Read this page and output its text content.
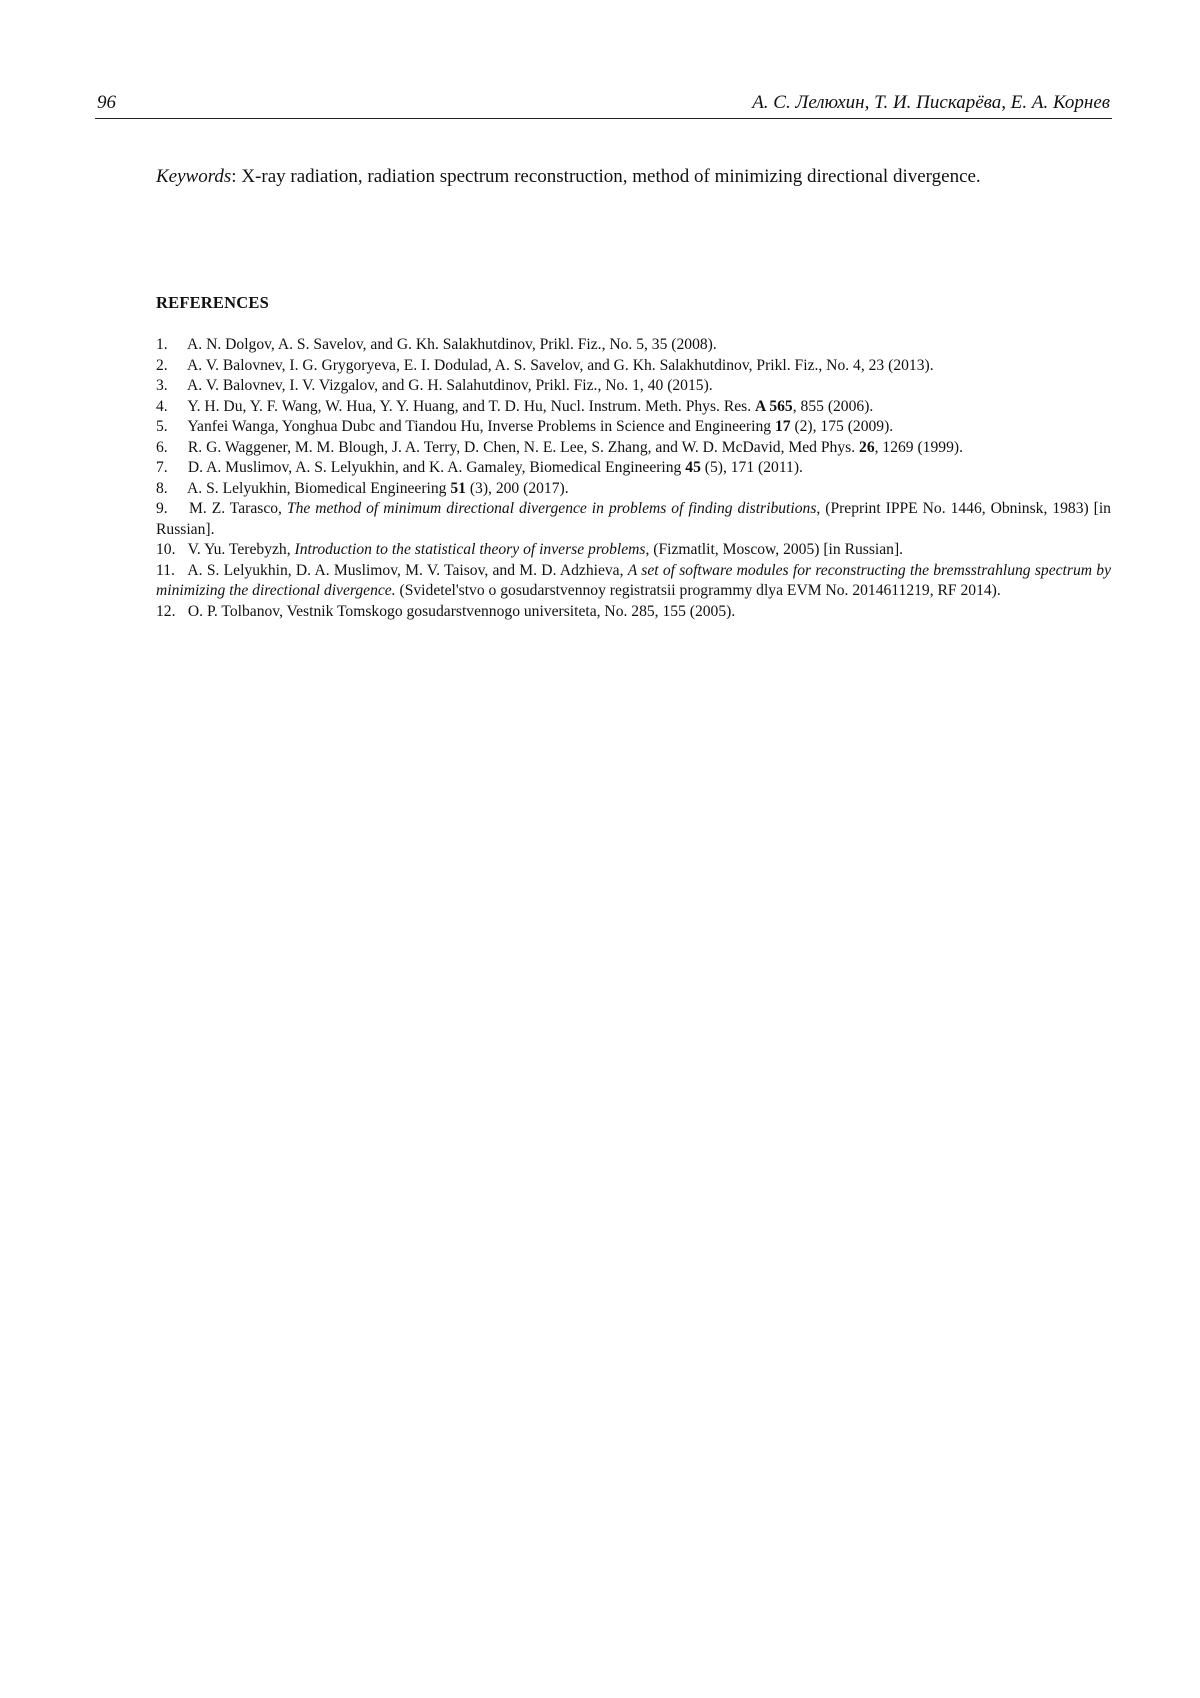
96	А. С. Лелюхин, Т. И. Пискарёва, Е. А. Корнев
Keywords: X-ray radiation, radiation spectrum reconstruction, method of minimizing directional divergence.
REFERENCES
1. A. N. Dolgov, A. S. Savelov, and G. Kh. Salakhutdinov, Prikl. Fiz., No. 5, 35 (2008).
2. A. V. Balovnev, I. G. Grygoryeva, E. I. Dodulad, A. S. Savelov, and G. Kh. Salakhutdinov, Prikl. Fiz., No. 4, 23 (2013).
3. A. V. Balovnev, I. V. Vizgalov, and G. H. Salahutdinov, Prikl. Fiz., No. 1, 40 (2015).
4. Y. H. Du, Y. F. Wang, W. Hua, Y. Y. Huang, and T. D. Hu, Nucl. Instrum. Meth. Phys. Res. A 565, 855 (2006).
5. Yanfei Wanga, Yonghua Dubc and Tiandou Hu, Inverse Problems in Science and Engineering 17 (2), 175 (2009).
6. R. G. Waggener, M. M. Blough, J. A. Terry, D. Chen, N. E. Lee, S. Zhang, and W. D. McDavid, Med Phys. 26, 1269 (1999).
7. D. A. Muslimov, A. S. Lelyukhin, and K. A. Gamaley, Biomedical Engineering 45 (5), 171 (2011).
8. A. S. Lelyukhin, Biomedical Engineering 51 (3), 200 (2017).
9. M. Z. Tarasco, The method of minimum directional divergence in problems of finding distributions, (Preprint IPPE No. 1446, Obninsk, 1983) [in Russian].
10. V. Yu. Terebyzh, Introduction to the statistical theory of inverse problems, (Fizmatlit, Moscow, 2005) [in Russian].
11. A. S. Lelyukhin, D. A. Muslimov, M. V. Taisov, and M. D. Adzhieva, A set of software modules for reconstructing the bremsstrahlung spectrum by minimizing the directional divergence. (Svidetel'stvo o gosudarstvennoy registratsii programmy dlya EVM No. 2014611219, RF 2014).
12. O. P. Tolbanov, Vestnik Tomskogo gosudarstvennogo universiteta, No. 285, 155 (2005).
